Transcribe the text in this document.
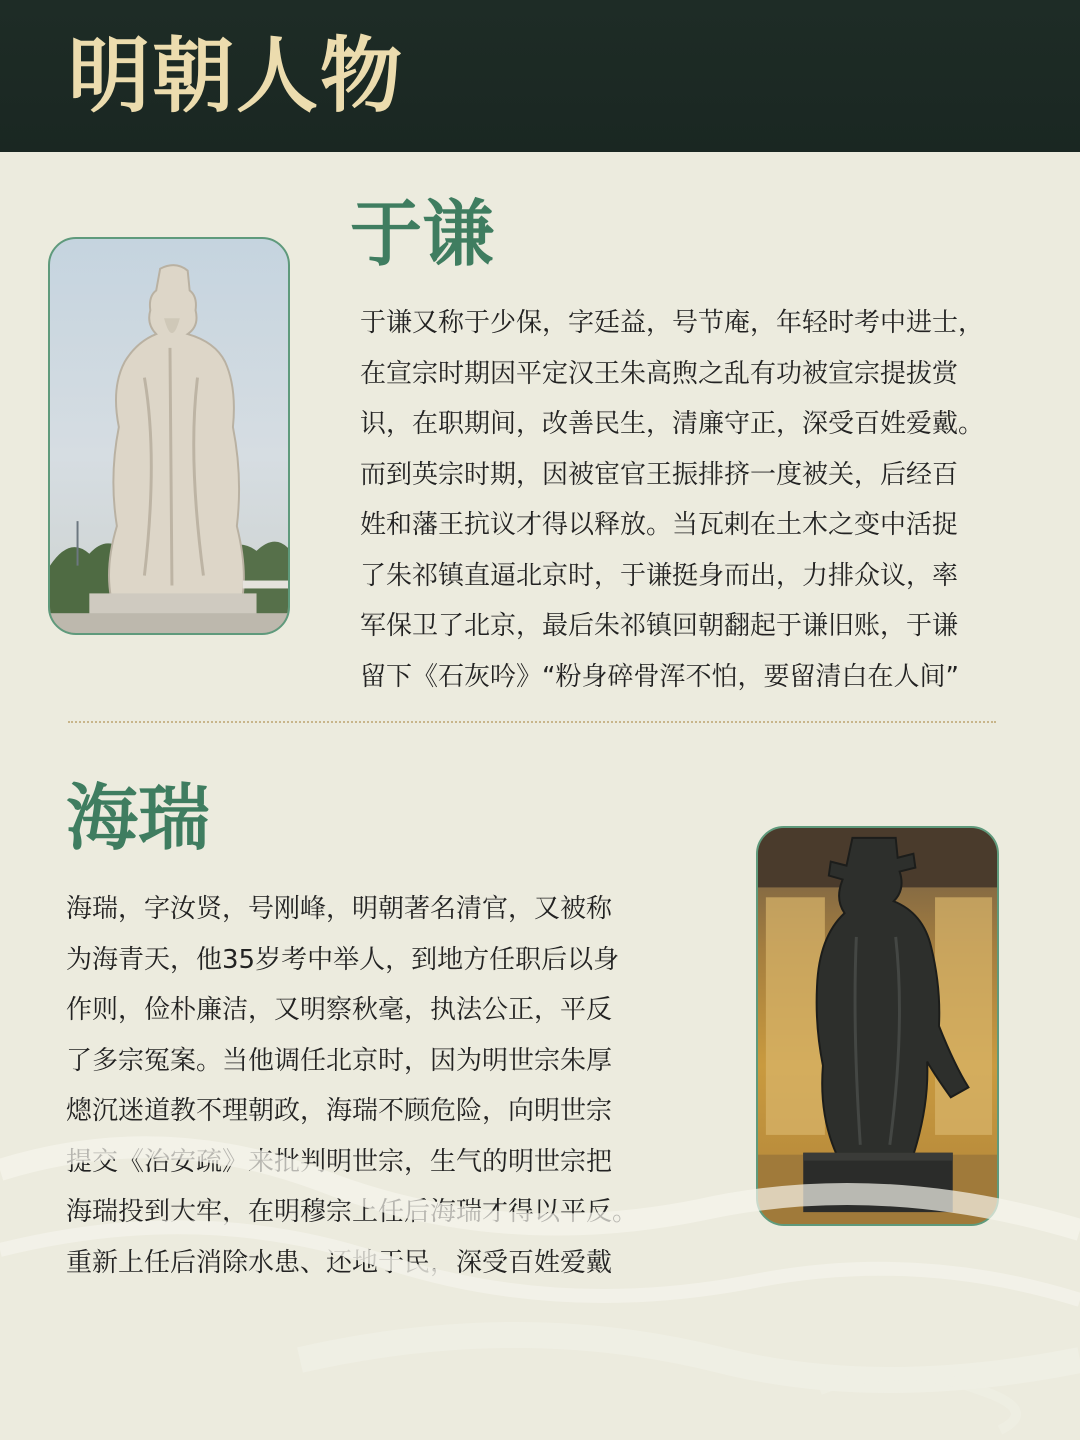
明朝人物
于谦

于谦又称于少保，字廷益，号节庵，年轻时考中进士，
在宣宗时期因平定汉王朱高煦之乱有功被宣宗提拔赏
识，在职期间，改善民生，清廉守正，深受百姓爱戴。
而到英宗时期，因被宦官王振排挤一度被关，后经百
姓和藩王抗议才得以释放。当瓦剌在土木之变中活捉
了朱祁镇直逼北京时，于谦挺身而出，力排众议，率
军保卫了北京，最后朱祁镇回朝翻起于谦旧账，于谦
留下《石灰吟》“粉身碎骨浑不怕，要留清白在人间”

海瑞

海瑞，字汝贤，号刚峰，明朝著名清官，又被称
为海青天，他35岁考中举人，到地方任职后以身
作则，俭朴廉洁，又明察秋毫，执法公正，平反
了多宗冤案。当他调任北京时，因为明世宗朱厚
熜沉迷道教不理朝政，海瑞不顾危险，向明世宗
提交《治安疏》来批判明世宗，生气的明世宗把
海瑞投到大牢，在明穆宗上任后海瑞才得以平反。
重新上任后消除水患、还地于民，深受百姓爱戴
